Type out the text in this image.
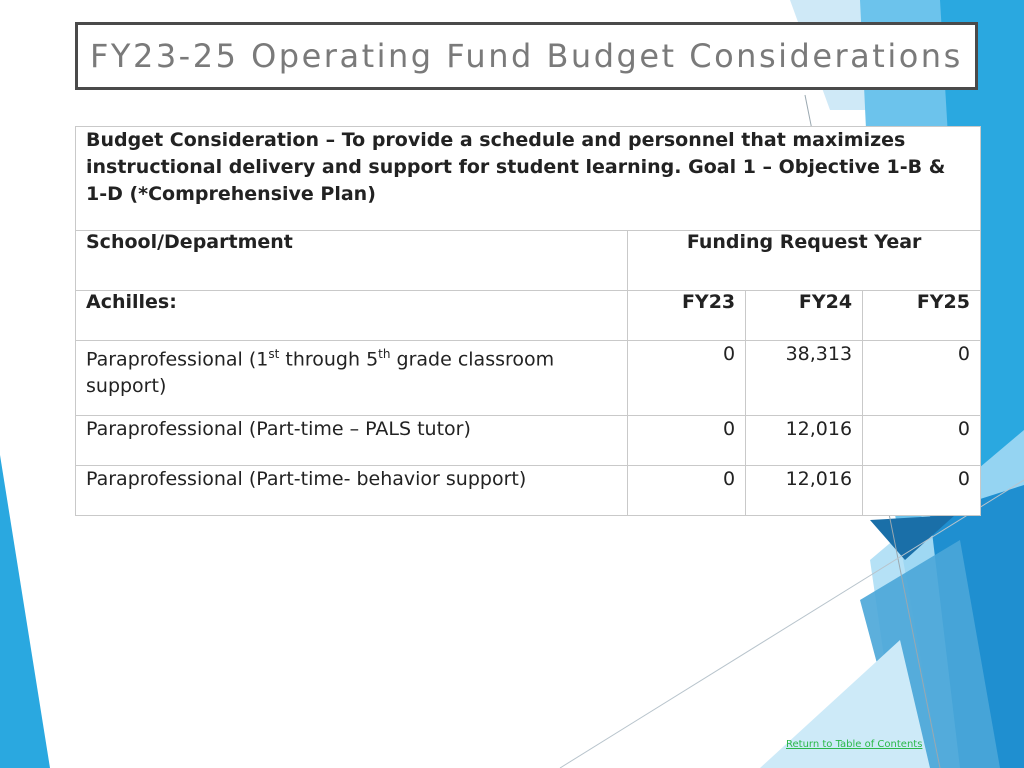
FY23-25 Operating Fund Budget Considerations
Budget Consideration – To provide a schedule and personnel that maximizes instructional delivery and support for student learning. Goal 1 – Objective 1-B & 1-D (*Comprehensive Plan)			
School/Department	Funding Request Year		
Achilles:	FY23	FY24	FY25
Paraprofessional (1st through 5th grade classroom support)	0	38,313	0
Paraprofessional (Part-time – PALS tutor)	0	12,016	0
Paraprofessional (Part-time- behavior support)	0	12,016	0
Return to Table of Contents
